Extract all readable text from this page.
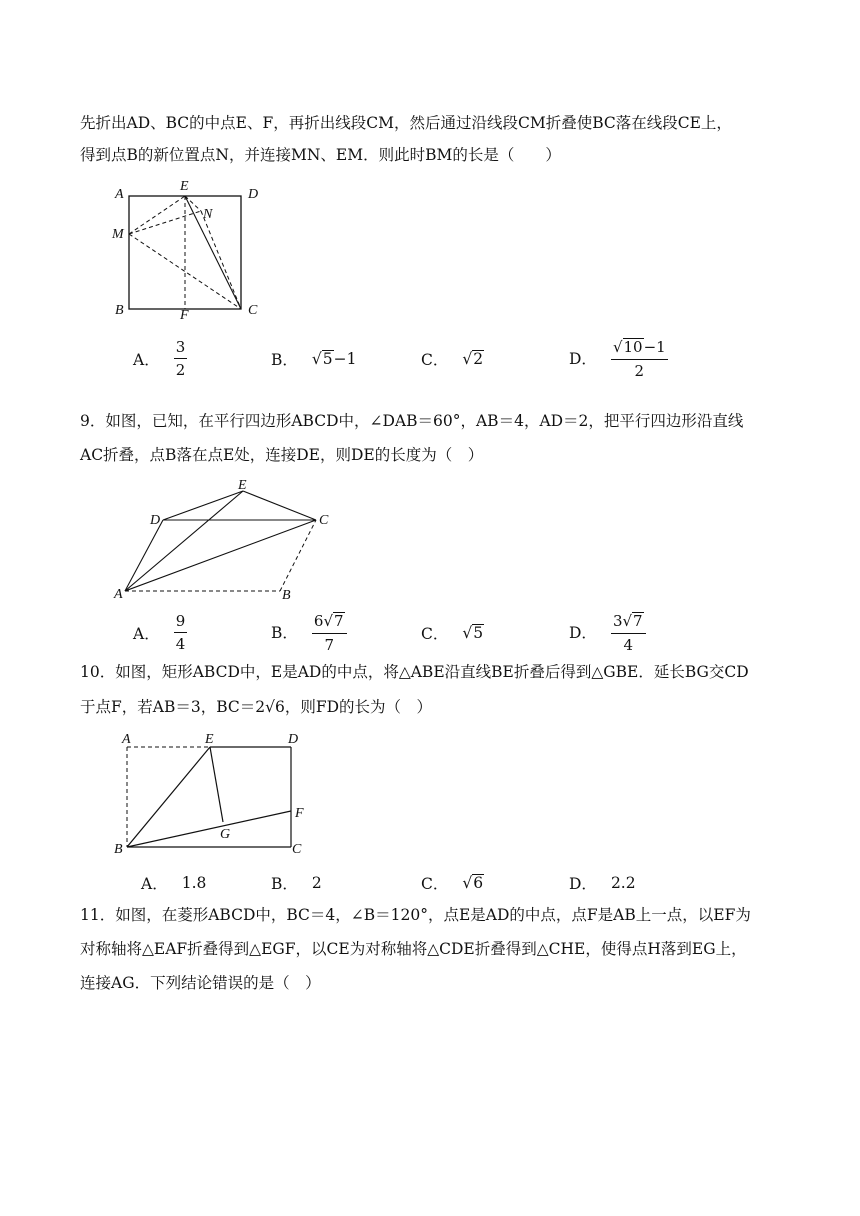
先折出AD、BC的中点E、F，再折出线段CM，然后通过沿线段CM折叠使BC落在线段CE上，
得到点B的新位置点N，并连接MN、EM．则此时BM的长是（　　）
A
E
D
N
M
B	F	C
A． $\frac{3}{2}$	B． √5 −1	C． √2	D． $\frac{√10-1}{2}$
9．如图，已知，在平行四边形ABCD中，∠DAB＝60°，AB＝4，AD＝2，把平行四边形沿直线
AC折叠，点B落在点E处，连接DE，则DE的长度为（　）
E
D	C
A	B
A． $\frac{9}{4}$	B． $\frac{6√7}{7}$	C． √5	D． $\frac{3√7}{4}$
10．如图，矩形ABCD中，E是AD的中点，将△ABE沿直线BE折叠后得到△GBE．延长BG交CD
于点F，若AB＝3，BC＝2√6，则FD的长为（　）
A	E	D
F
G
B	C
A． 1.8	B． 2	C． √6	D． 2.2
11．如图，在菱形ABCD中，BC＝4，∠B＝120°，点E是AD的中点，点F是AB上一点，以EF为
对称轴将△EAF折叠得到△EGF，以CE为对称轴将△CDE折叠得到△CHE，使得点H落到EG上，
连接AG．下列结论错误的是（　）
